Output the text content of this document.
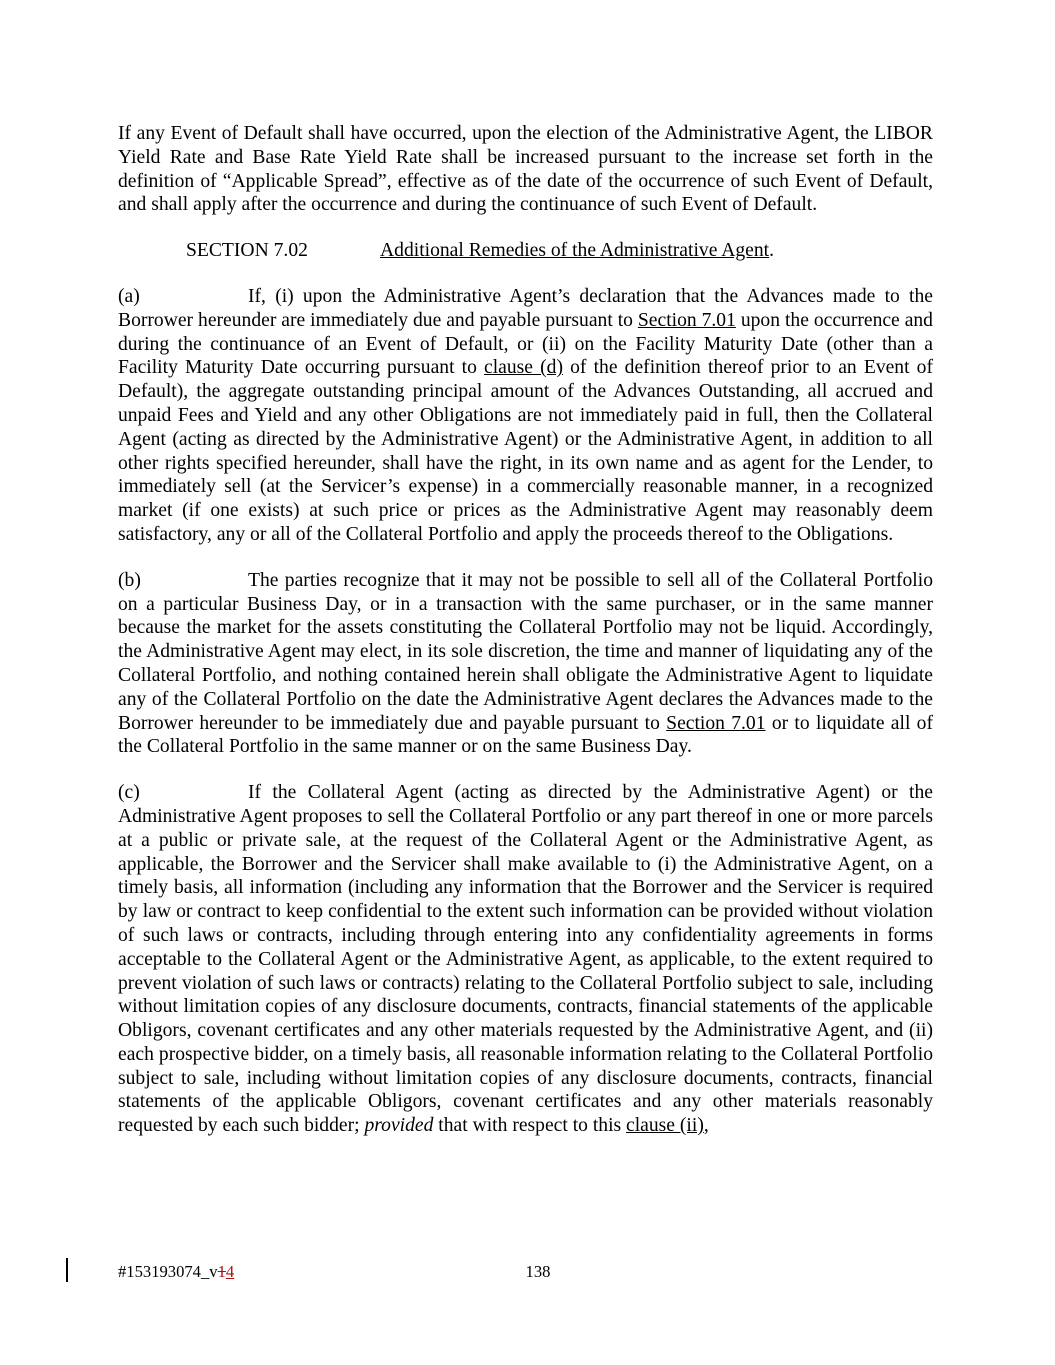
If any Event of Default shall have occurred, upon the election of the Administrative Agent, the LIBOR Yield Rate and Base Rate Yield Rate shall be increased pursuant to the increase set forth in the definition of “Applicable Spread”, effective as of the date of the occurrence of such Event of Default, and shall apply after the occurrence and during the continuance of such Event of Default.

SECTION 7.02	Additional Remedies of the Administrative Agent.

(a)	If, (i) upon the Administrative Agent’s declaration that the Advances made to the Borrower hereunder are immediately due and payable pursuant to Section 7.01 upon the occurrence and during the continuance of an Event of Default, or (ii) on the Facility Maturity Date (other than a Facility Maturity Date occurring pursuant to clause (d) of the definition thereof prior to an Event of Default), the aggregate outstanding principal amount of the Advances Outstanding, all accrued and unpaid Fees and Yield and any other Obligations are not immediately paid in full, then the Collateral Agent (acting as directed by the Administrative Agent) or the Administrative Agent, in addition to all other rights specified hereunder, shall have the right, in its own name and as agent for the Lender, to immediately sell (at the Servicer’s expense) in a commercially reasonable manner, in a recognized market (if one exists) at such price or prices as the Administrative Agent may reasonably deem satisfactory, any or all of the Collateral Portfolio and apply the proceeds thereof to the Obligations.

(b)	The parties recognize that it may not be possible to sell all of the Collateral Portfolio on a particular Business Day, or in a transaction with the same purchaser, or in the same manner because the market for the assets constituting the Collateral Portfolio may not be liquid. Accordingly, the Administrative Agent may elect, in its sole discretion, the time and manner of liquidating any of the Collateral Portfolio, and nothing contained herein shall obligate the Administrative Agent to liquidate any of the Collateral Portfolio on the date the Administrative Agent declares the Advances made to the Borrower hereunder to be immediately due and payable pursuant to Section 7.01 or to liquidate all of the Collateral Portfolio in the same manner or on the same Business Day.

(c)	If the Collateral Agent (acting as directed by the Administrative Agent) or the Administrative Agent proposes to sell the Collateral Portfolio or any part thereof in one or more parcels at a public or private sale, at the request of the Collateral Agent or the Administrative Agent, as applicable, the Borrower and the Servicer shall make available to (i) the Administrative Agent, on a timely basis, all information (including any information that the Borrower and the Servicer is required by law or contract to keep confidential to the extent such information can be provided without violation of such laws or contracts, including through entering into any confidentiality agreements in forms acceptable to the Collateral Agent or the Administrative Agent, as applicable, to the extent required to prevent violation of such laws or contracts) relating to the Collateral Portfolio subject to sale, including without limitation copies of any disclosure documents, contracts, financial statements of the applicable Obligors, covenant certificates and any other materials requested by the Administrative Agent, and (ii) each prospective bidder, on a timely basis, all reasonable information relating to the Collateral Portfolio subject to sale, including without limitation copies of any disclosure documents, contracts, financial statements of the applicable Obligors, covenant certificates and any other materials reasonably requested by each such bidder; provided that with respect to this clause (ii),

#153193074_v14	138
